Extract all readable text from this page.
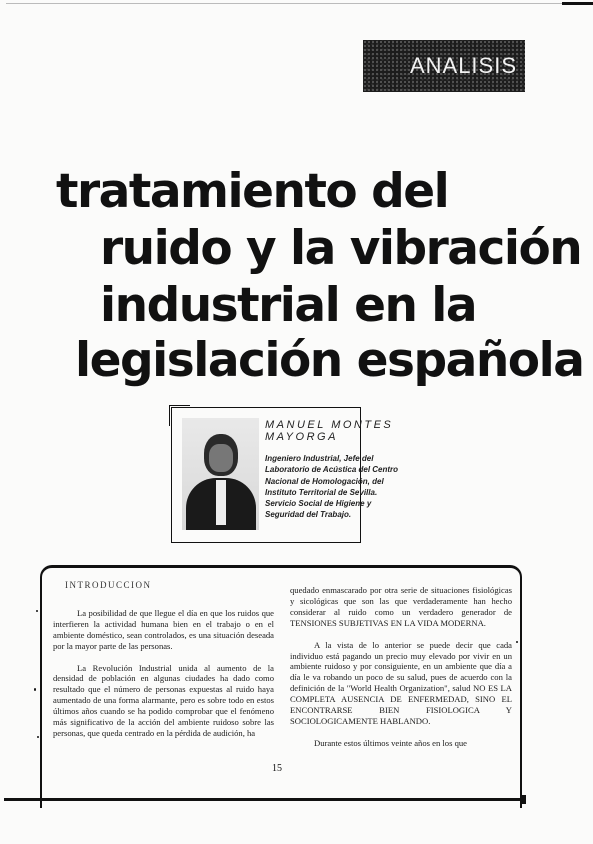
ANALISIS
tratamiento del
ruido y la vibración
industrial en la
legislación española
MANUEL MONTES
MAYORGA
Ingeniero Industrial, Jefe del Laboratorio de Acústica del Centro Nacional de Homologación, del Instituto Territorial de Sevilla. Servicio Social de Higiene y Seguridad del Trabajo.

INTRODUCCION

La posibilidad de que llegue el día en que los ruidos que interfieren la actividad humana bien en el trabajo o en el ambiente doméstico, sean controlados, es una situación deseada por la mayor parte de las personas.

La Revolución Industrial unida al aumento de la densidad de población en algunas ciudades ha dado como resultado que el número de personas expuestas al ruido haya aumentado de una forma alarmante, pero es sobre todo en estos últimos años cuando se ha podido comprobar que el fenómeno más significativo de la acción del ambiente ruidoso sobre las personas, que queda centrado en la pérdida de audición, ha

quedado enmascarado por otra serie de situaciones fisiológicas y sicológicas que son las que verdaderamente han hecho considerar al ruido como un verdadero generador de TENSIONES SUBJETIVAS EN LA VIDA MODERNA.

A la vista de lo anterior se puede decir que cada individuo está pagando un precio muy elevado por vivir en un ambiente ruidoso y por consiguiente, en un ambiente que día a día le va robando un poco de su salud, pues de acuerdo con la definición de la "World Health Organization", salud NO ES LA COMPLETA AUSENCIA DE ENFERMEDAD, SINO EL ENCONTRARSE BIEN FISIOLOGICA Y SOCIOLOGICAMENTE HABLANDO.

Durante estos últimos veinte años en los que

15
